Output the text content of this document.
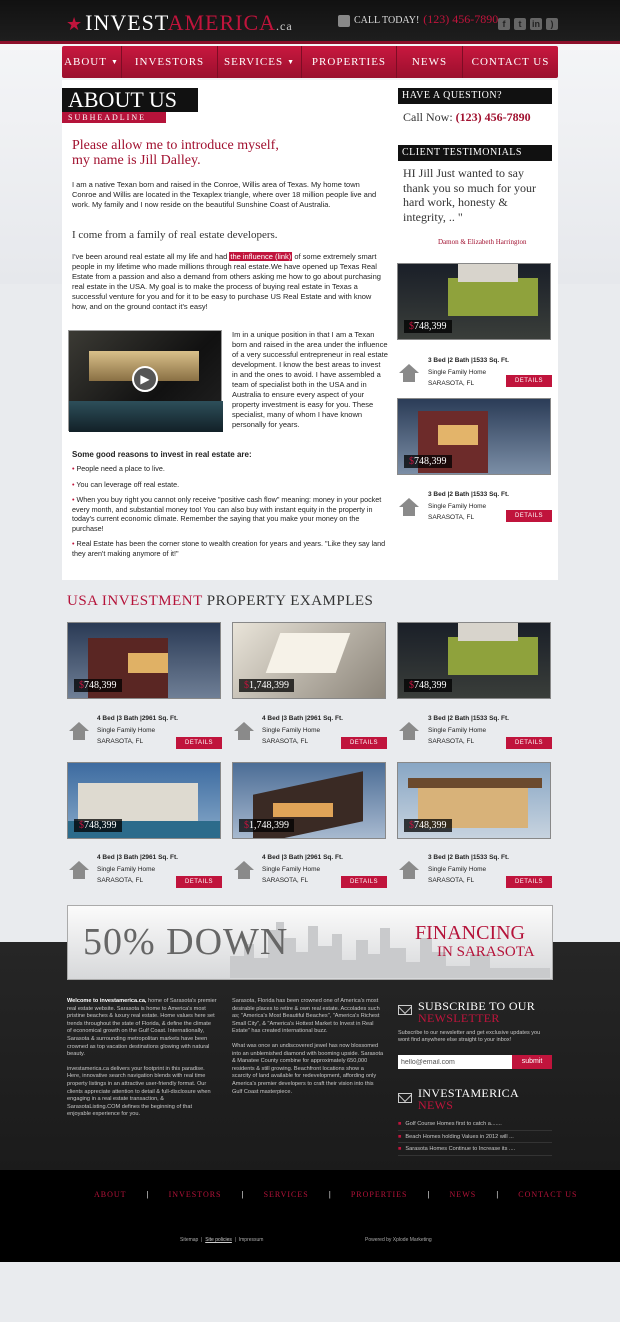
★INVESTAMERICA.ca	CALL TODAY! (123) 456-7890 f t in )
ABOUT ▼ INVESTORS SERVICES ▼ PROPERTIES NEWS CONTACT US
ABOUT US
SUBHEADLINE
Please allow me to introduce myself,
my name is Jill Dalley.
I am a native Texan born and raised in the Conroe, Willis area of Texas. My home town Conroe and Willis are located in the Texaplex triangle, where over 18 million people live and work. My family and I now reside on the beautiful Sunshine Coast of Australia.
I come from a family of real estate developers.
I've been around real estate all my life and had the influence (link) of some extremely smart people in my lifetime who made millions through real estate.We have opened up Texas Real Estate from a passion and also a demand from others asking me how to go about purchasing real estate in the USA. My goal is to make the process of buying real estate in Texas a successful venture for you and for it to be easy to purchase US Real Estate and with know how, and on the ground contact it's easy!
▶
Im in a unique position in that I am a Texan born and raised in the area under the influence of a very successful entrepreneur in real estate development. I know the best areas to invest in and the ones to avoid. I have assembled a team of specialist both in the USA and in Australia to ensure every aspect of your property investment is easy for you. These specialist, many of whom I have known personally for years.
Some good reasons to invest in real estate are:
• People need a place to live.
• You can leverage off real estate.
• When you buy right you cannot only receive "positive cash flow" meaning: money in your pocket every month, and substantial money too! You can also buy with instant equity in the property in today's current economic climate. Remember the saying that you make your money on the purchase!
• Real Estate has been the corner stone to wealth creation for years and years. "Like they say land they aren't making anymore of it!"
HAVE A QUESTION?
Call Now: (123) 456-7890
CLIENT TESTIMONIALS
HI Jill Just wanted to say thank you so much for your hard work, honesty & integrity, .. "
Damon & Elizabeth Harrington
$748,399
3 Bed |2 Bath |1533 Sq. Ft.
Single Family Home
SARASOTA, FL	DETAILS
$748,399
3 Bed |2 Bath |1533 Sq. Ft.
Single Family Home
SARASOTA, FL	DETAILS
USA INVESTMENT PROPERTY EXAMPLES
$748,399	$1,748,399	$748,399
4 Bed |3 Bath |2961 Sq. Ft.
Single Family Home
SARASOTA, FL	DETAILS
4 Bed |3 Bath |2961 Sq. Ft.
Single Family Home
SARASOTA, FL	DETAILS
3 Bed |2 Bath |1533 Sq. Ft.
Single Family Home
SARASOTA, FL	DETAILS
$748,399	$1,748,399	$748,399
4 Bed |3 Bath |2961 Sq. Ft.
Single Family Home
SARASOTA, FL	DETAILS
4 Bed |3 Bath |2961 Sq. Ft.
Single Family Home
SARASOTA, FL	DETAILS
3 Bed |2 Bath |1533 Sq. Ft.
Single Family Home
SARASOTA, FL	DETAILS
50% DOWN	FINANCING
IN SARASOTA
Welcome to investamerica.ca, home of Sarasota's premier real estate website. Sarasota is home to America's most pristine beaches & luxury real estate. Home values here set trends throughout the state of Florida, & define the climate of economical growth on the Gulf Coast. Internationally, Sarasota & surrounding metropolitan markets have been crowned as top vacation destinations glowing with natural beauty.
investamerica.ca delivers your footprint in this paradise. Here, innovative search navigation blends with real time property listings in an attractive user-friendly format. Our clients appreciate attention to detail & full-disclosure when engaging in a real estate transaction, & SarasotaListing.COM defines the beginning of that enjoyable experience for you.
Sarasota, Florida has been crowned one of America's most desirable places to retire & own real estate. Accolades such as; "America's Most Beautiful Beaches", "America's Richest Small City", & "America's Hottest Market to Invest in Real Estate" has created international buzz.
What was once an undiscovered jewel has now blossomed into an unblemished diamond with booming upside. Sarasota & Manatee County combine for approximately 650,000 residents & still growing. Beachfront locations show a scarcity of land available for redevelopment, affording only America's premier developers to craft their vision into this Gulf Coast masterpiece.
SUBSCRIBE TO OUR
NEWSLETTER
Subscribe to our newsletter and get exclusive updates you wont find anywhere else straight to your inbox!
hello@email.com
submit
INVESTAMERICA
NEWS
■ Golf Course Homes first to catch a.......
■ Beach Homes holding Values in 2012 will ...
■ Sarasota Homes Continue to Increase its ....
ABOUT	|	INVESTORS	|	SERVICES	|	PROPERTIES	|	NEWS	|	CONTACT US
Sitemap  |  Site policies  |  Impressum	Powered by Xplode Marketing
